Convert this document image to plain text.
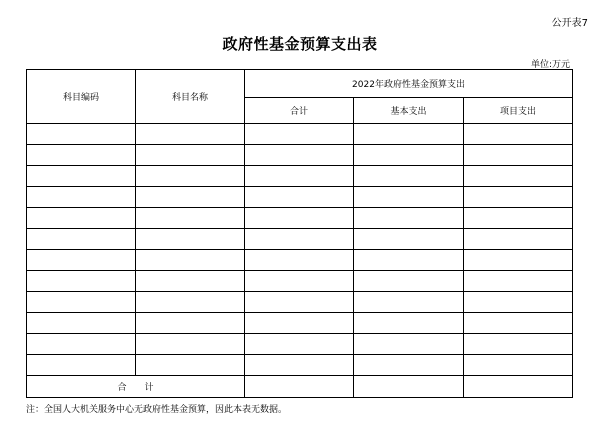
公开表7
政府性基金预算支出表
单位:万元
科目编码	科目名称	2022年政府性基金预算支出		
		合计	基本支出	项目支出

合　　计				
注：全国人大机关服务中心无政府性基金预算，因此本表无数据。
